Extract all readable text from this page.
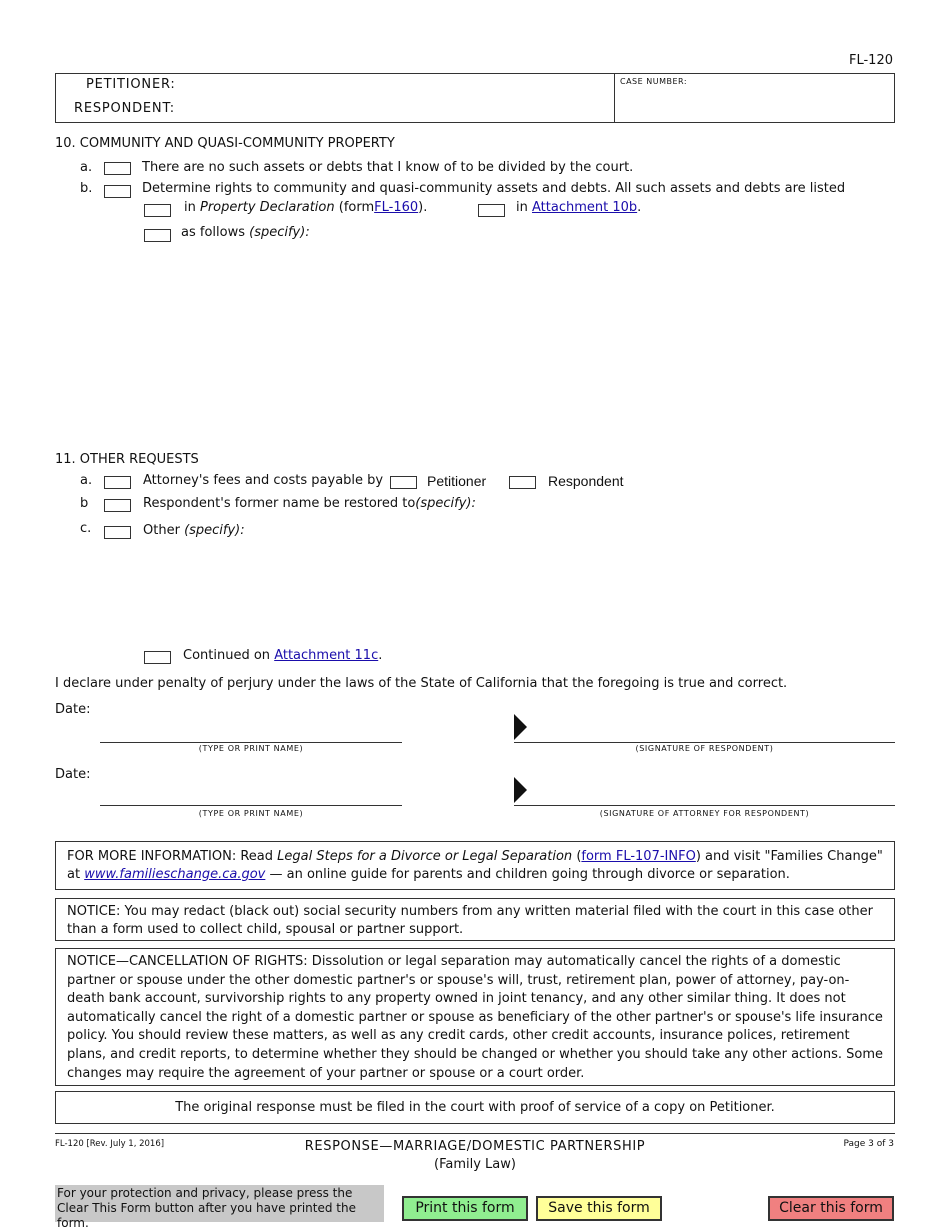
FL-120
PETITIONER:
RESPONDENT:
CASE NUMBER:
10. COMMUNITY AND QUASI-COMMUNITY PROPERTY
a.	There are no such assets or debts that I know of to be divided by the court.
b.	Determine rights to community and quasi-community assets and debts. All such assets and debts are listed
in Property Declaration (formFL-160).	in Attachment 10b.
as follows (specify):
11. OTHER REQUESTS
a.	Attorney's fees and costs payable by	Petitioner	Respondent
b	Respondent's former name be restored to(specify):
c.	Other (specify):
Continued on Attachment 11c.
I declare under penalty of perjury under the laws of the State of California that the foregoing is true and correct.
Date:
(TYPE OR PRINT NAME)	(SIGNATURE OF RESPONDENT)
Date:
(TYPE OR PRINT NAME)	(SIGNATURE OF ATTORNEY FOR RESPONDENT)
FOR MORE INFORMATION: Read Legal Steps for a Divorce or Legal Separation (form FL-107-INFO) and visit "Families Change" at www.familieschange.ca.gov — an online guide for parents and children going through divorce or separation.
NOTICE: You may redact (black out) social security numbers from any written material filed with the court in this case other than a form used to collect child, spousal or partner support.
NOTICE—CANCELLATION OF RIGHTS: Dissolution or legal separation may automatically cancel the rights of a domestic partner or spouse under the other domestic partner's or spouse's will, trust, retirement plan, power of attorney, pay-on-death bank account, survivorship rights to any property owned in joint tenancy, and any other similar thing. It does not automatically cancel the right of a domestic partner or spouse as beneficiary of the other partner's or spouse's life insurance policy. You should review these matters, as well as any credit cards, other credit accounts, insurance polices, retirement plans, and credit reports, to determine whether they should be changed or whether you should take any other actions. Some changes may require the agreement of your partner or spouse or a court order.
The original response must be filed in the court with proof of service of a copy on Petitioner.
FL-120 [Rev. July 1, 2016]	RESPONSE—MARRIAGE/DOMESTIC PARTNERSHIP
(Family Law)
Page 3 of 3
For your protection and privacy, please press the Clear This Form button after you have printed the form.
Print this form	Save this form	Clear this form
